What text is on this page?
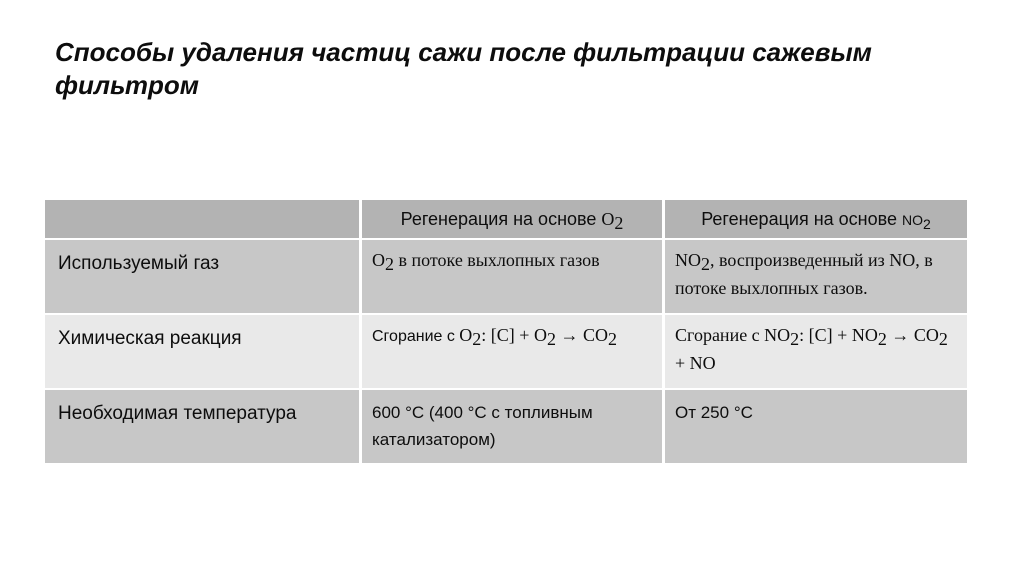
Способы удаления частиц сажи после фильтрации сажевым фильтром
	Регенерация на основе $O_2$	Регенерация на основе $NO_2$
Используемый газ	$O_2$ в потоке выхлопных газов	$NO_2$, воспроизведенный из NO, в потоке выхлопных газов.
Химическая реакция	Сгорание с $O_2$: $[C] + O_2 \to CO_2$	Сгорание с $NO_2$: $[C] + NO_2 \to CO_2$ + NO
Необходимая температура	600 °C (400 °C с топливным катализатором)	От 250 °C
